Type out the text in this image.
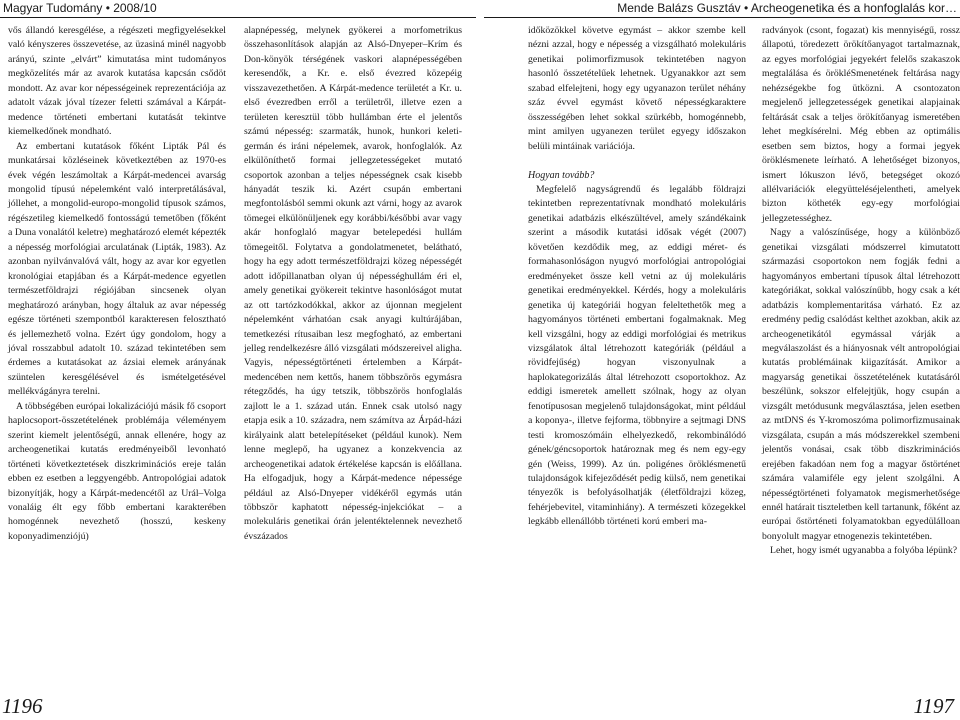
Magyar Tudomány • 2008/10	Mende Balázs Gusztáv • Archeogenetika és a honfoglalás kor…

vős állandó keresgélése, a régészeti megfigyelésekkel való kényszeres összevetése, az üzasiná minél nagyobb arányú, szinte „elvárt” kimutatása mint tudományos megközelítés már az avarok kutatása kapcsán csődöt mondott. Az avar kor népességeinek reprezentációja az adatolt vázak jóval tízezer feletti számával a Kárpát-medence történeti embertani kutatását tekintve kiemelkedőnek mondható.

Az embertani kutatások főként Lipták Pál és munkatársai közléseinek következtében az 1970-es évek végén leszámoltak a Kárpát-medencei avarság mongolid típusú népelemként való interpretálásával, jóllehet, a mongolid-europo-mongolid típusok számos, régészetileg kiemelkedő fontosságú temetőben (főként a Duna vonalától keletre) meghatározó elemét képezték a népesség morfológiai arculatának (Lipták, 1983). Az azonban nyilvánvalóvá vált, hogy az avar kor egyetlen kronológiai etapjában és a Kárpát-medence egyetlen természetföldrajzi régiójában sincsenek olyan meghatározó arányban, hogy általuk az avar népesség egésze történeti szempontból karakteresen felosztható és jellemezhető volna. Ezért úgy gondolom, hogy a jóval rosszabbul adatolt 10. század tekintetében sem érdemes a kutatásokat az ázsiai elemek arányának szüntelen keresgélésével és ismételgetésével mellékvágányra terelni.

A többségében európai lokalizációjú másik fő csoport haplocsoport-összetételének problémája véleményem szerint kiemelt jelentőségű, annak ellenére, hogy az archeogenetikai kutatás eredményeiből levonható történeti következtetések diszkriminációs ereje talán ebben ez esetben a leggyengébb. Antropológiai adatok bizonyítják, hogy a Kárpát-medencétől az Urál–Volga vonaláig élt egy főbb embertani karakterében homogénnek nevezhető (hosszú, keskeny koponyadimenziójú)

alapnépesség, melynek gyökerei a morfometrikus összehasonlítások alapján az Alsó-Dnyeper–Krím és Don-könyök térségének vaskori alapnépességében keresendők, a Kr. e. első évezred közepéig visszavezethetően. A Kárpát-medence területét a Kr. u. első évezredben erről a területről, illetve ezen a területen keresztül több hullámban érte el jelentős számú népesség: szarmaták, hunok, hunkori keleti-germán és iráni népelemek, avarok, honfoglalók. Az elkülöníthető formai jellegzetességeket mutató csoportok azonban a teljes népességnek csak kisebb hányadát teszik ki. Azért csupán embertani megfontolásból semmi okunk azt várni, hogy az avarok tömegei elkülönüljenek egy korábbi/későbbi avar vagy akár honfoglaló magyar betelepedési hullám tömegeitől. Folytatva a gondolatmenetet, belátható, hogy ha egy adott természetföldrajzi közeg népességét adott időpillanatban olyan új népességhullám éri el, amely genetikai gyökereit tekintve hasonlóságot mutat az ott tartózkodókkal, akkor az újonnan megjelent népelemként várhatóan csak anyagi kultúrájában, temetkezési rítusaiban lesz megfogható, az embertani jelleg rendelkezésre álló vizsgálati módszereivel aligha. Vagyis, népességtörténeti értelemben a Kárpát-medencében nem kettős, hanem többszörös egymásra rétegződés, ha úgy tetszik, többszörös honfoglalás zajlott le a 1. század után. Ennek csak utolsó nagy etapja esik a 10. századra, nem számítva az Árpád-házi királyaink alatt betelepítéseket (például kunok). Nem lenne meglepő, ha ugyanez a konzekvencia az archeogenetikai adatok értékelése kapcsán is előállana. Ha elfogadjuk, hogy a Kárpát-medence népessége például az Alsó-Dnyeper vidékéről egymás után többször kaphatott népesség-injekciókat – a molekuláris genetikai órán jelentéktelennek nevezhető évszázados

időközökkel követve egymást – akkor szembe kell nézni azzal, hogy e népesség a vizsgálható molekuláris genetikai polimorfizmusok tekintetében nagyon hasonló összetételűek lehetnek. Ugyanakkor azt sem szabad elfelejteni, hogy egy ugyanazon terület néhány száz évvel egymást követő népességkaraktere összességében lehet sokkal szürkébb, homogénnebb, mint amilyen ugyanezen terület egyegy időszakon belüli mintáinak variációja.

Hogyan tovább?

Megfelelő nagyságrendű és legalább földrajzi tekintetben reprezentatívnak mondható molekuláris genetikai adatbázis elkészültével, amely szándékaink szerint a második kutatási idősak végét (2007) követően kezdődik meg, az eddigi méret- és formahasonlóságon nyugvó morfológiai antropológiai eredményeket össze kell vetni az új molekuláris genetikai eredményekkel. Kérdés, hogy a molekuláris genetika új kategóriái hogyan feleltethetők meg a hagyományos történeti embertani fogalmaknak. Meg kell vizsgálni, hogy az eddigi morfológiai és metrikus vizsgálatok által létrehozott kategóriák (például a rövidfejűség) hogyan viszonyulnak a haplokategorizálás által létrehozott csoportokhoz. Az eddigi ismeretek amellett szólnak, hogy az olyan fenotípusosan megjelenő tulajdonságokat, mint például a koponya-, illetve fejforma, többnyire a sejtmagi DNS testi kromoszómáin elhelyezkedő, rekombinálódó gének/géncsoportok határoznak meg és nem egy-egy gén (Weiss, 1999). Az ún. poligénes öröklésmenetű tulajdonságok kifejeződését pedig külső, nem genetikai tényezők is befolyásolhatják (életföldrajzi közeg, fehérjebevitel, vitaminhiány). A természeti közegekkel legkább ellenállóbb történeti korú emberi ma-

radványok (csont, fogazat) kis mennyiségű, rossz állapotú, töredezett örökítőanyagot tartalmaznak, az egyes morfológiai jegyekért felelős szakaszok megtalálása és örökléSmenetének feltárása nagy nehézségekbe fog ütközni. A csontozaton megjelenő jellegzetességek genetikai alapjainak feltárását csak a teljes örökítőanyag ismeretében lehet megkísérelni. Még ebben az optimális esetben sem biztos, hogy a formai jegyek öröklésmenete leírható. A lehetőséget bizonyos, ismert lókuszon lévő, betegséget okozó allélvariációk elegyütteléséjelentheti, amelyek bizton kötheték egy-egy morfológiai jellegzetességhez.

Nagy a valószínűsége, hogy a különböző genetikai vizsgálati módszerrel kimutatott származási csoportokon nem fogják fedni a hagyományos embertani típusok által létrehozott kategóriákat, sokkal valószínűbb, hogy csak a két adatbázis komplementaritása várható. Ez az eredmény pedig csalódást kelthet azokban, akik az archeogenetikától egymással várják a megválaszolást és a hiányosnak vélt antropológiai kutatás problémáinak kiigazítását. Amikor a magyarság genetikai összetételének kutatásáról beszélünk, sokszor elfelejtjük, hogy csupán a vizsgált metódusunk megválasztása, jelen esetben az mtDNS és Y-kromoszóma polimorfizmusainak vizsgálata, csupán a más módszerekkel szembeni jelentős vonásai, csak több diszkriminációs erejében fakadóan nem fog a magyar őstörténet számára valamiféle egy jelent szolgálni. A népességtörténeti folyamatok megismerhetősége ennél határait tiszteletben kell tartanunk, főként az európai őstörténeti folyamatokban egyedülálloan bonyolult magyar etnogenezis tekintetében.

Lehet, hogy ismét ugyanabba a folyóba lépünk?

1196	1197
